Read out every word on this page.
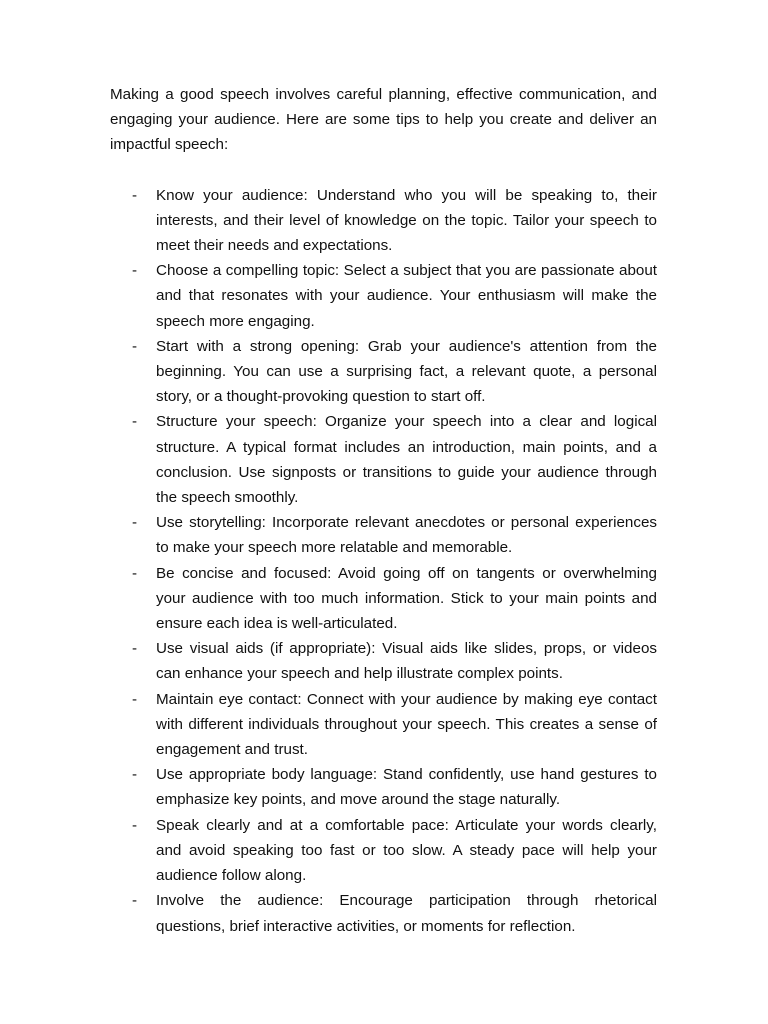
Making a good speech involves careful planning, effective communication, and engaging your audience. Here are some tips to help you create and deliver an impactful speech:

- Know your audience: Understand who you will be speaking to, their interests, and their level of knowledge on the topic. Tailor your speech to meet their needs and expectations.
- Choose a compelling topic: Select a subject that you are passionate about and that resonates with your audience. Your enthusiasm will make the speech more engaging.
- Start with a strong opening: Grab your audience's attention from the beginning. You can use a surprising fact, a relevant quote, a personal story, or a thought-provoking question to start off.
- Structure your speech: Organize your speech into a clear and logical structure. A typical format includes an introduction, main points, and a conclusion. Use signposts or transitions to guide your audience through the speech smoothly.
- Use storytelling: Incorporate relevant anecdotes or personal experiences to make your speech more relatable and memorable.
- Be concise and focused: Avoid going off on tangents or overwhelming your audience with too much information. Stick to your main points and ensure each idea is well-articulated.
- Use visual aids (if appropriate): Visual aids like slides, props, or videos can enhance your speech and help illustrate complex points.
- Maintain eye contact: Connect with your audience by making eye contact with different individuals throughout your speech. This creates a sense of engagement and trust.
- Use appropriate body language: Stand confidently, use hand gestures to emphasize key points, and move around the stage naturally.
- Speak clearly and at a comfortable pace: Articulate your words clearly, and avoid speaking too fast or too slow. A steady pace will help your audience follow along.
- Involve the audience: Encourage participation through rhetorical questions, brief interactive activities, or moments for reflection.
